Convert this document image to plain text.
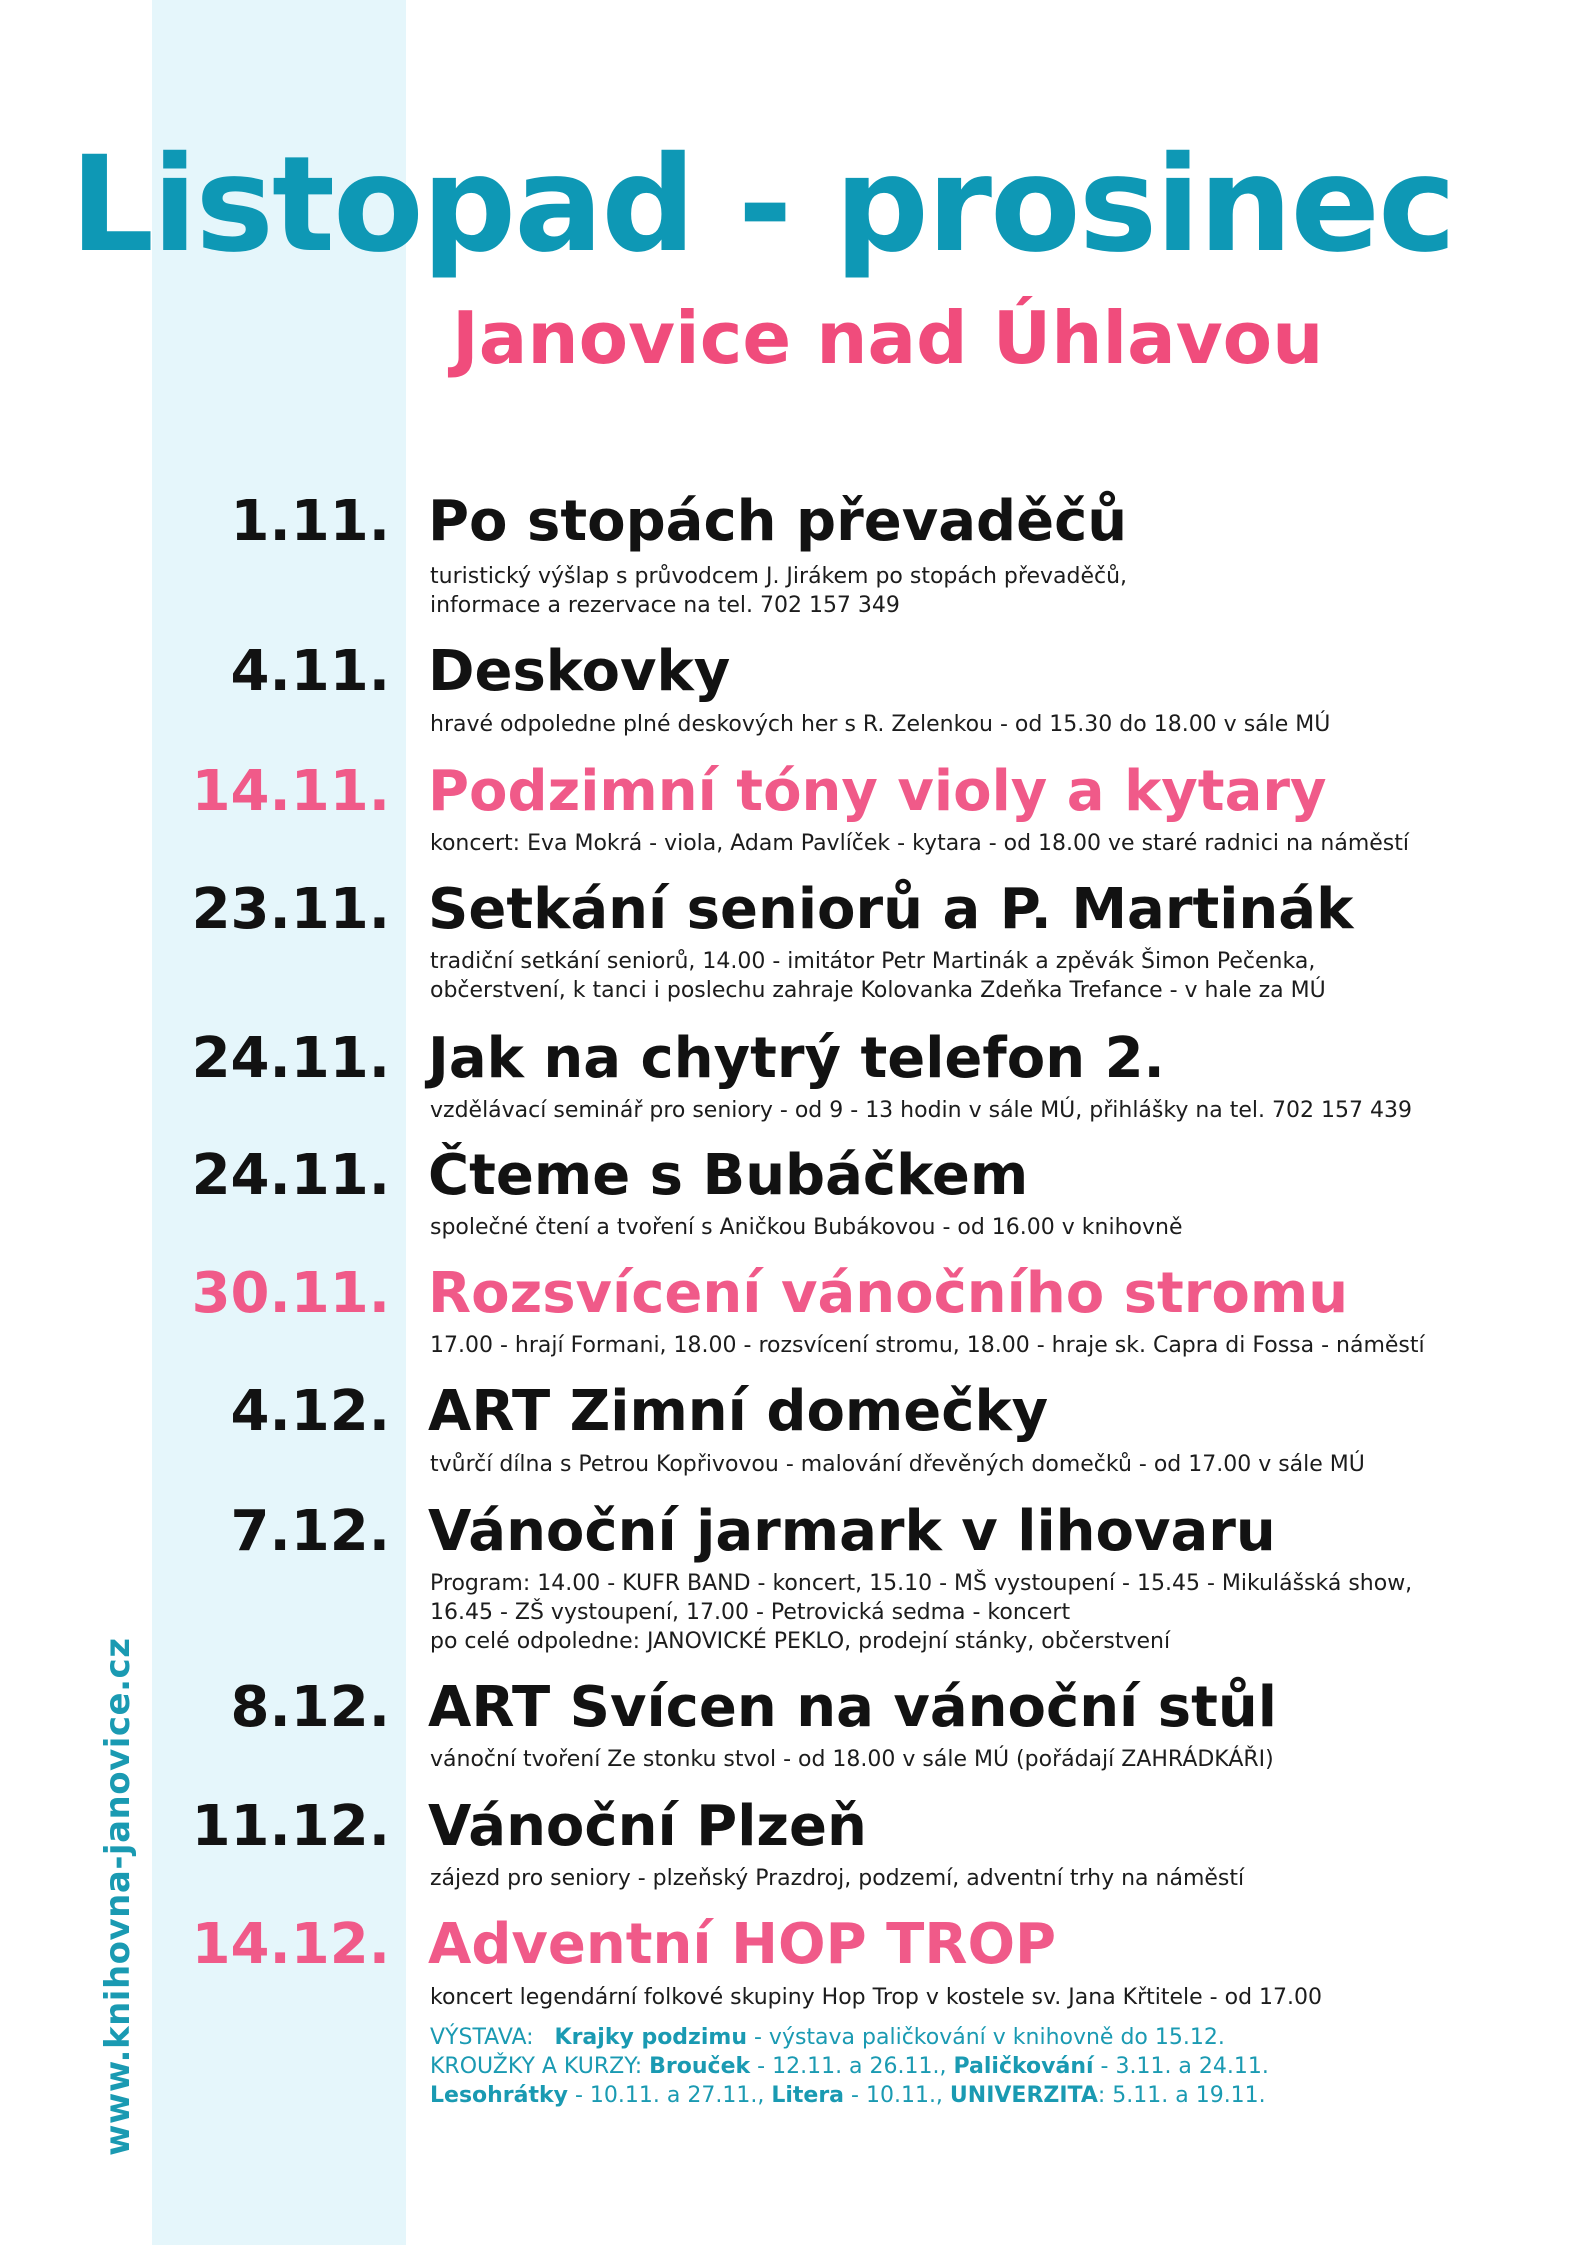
www.knihovna-janovice.cz
Listopad - prosinec
Janovice nad Úhlavou
1.11. Po stopách převaděčů
turistický výšlap s průvodcem J. Jirákem po stopách převaděčů,
informace a rezervace na tel. 702 157 349
4.11. Deskovky
hravé odpoledne plné deskových her s R. Zelenkou - od 15.30 do 18.00 v sále MÚ
14.11. Podzimní tóny violy a kytary
koncert: Eva Mokrá - viola, Adam Pavlíček - kytara - od 18.00 ve staré radnici na náměstí
23.11. Setkání seniorů a P. Martinák
tradiční setkání seniorů, 14.00 - imitátor Petr Martinák a zpěvák Šimon Pečenka,
občerstvení, k tanci i poslechu zahraje Kolovanka Zdeňka Trefance - v hale za MÚ
24.11. Jak na chytrý telefon 2.
vzdělávací seminář pro seniory - od 9 - 13 hodin v sále MÚ, přihlášky na tel. 702 157 439
24.11. Čteme s Bubáčkem
společné čtení a tvoření s Aničkou Bubákovou - od 16.00 v knihovně
30.11. Rozsvícení vánočního stromu
17.00 - hrají Formani, 18.00 - rozsvícení stromu, 18.00 - hraje sk. Capra di Fossa - náměstí
4.12. ART Zimní domečky
tvůrčí dílna s Petrou Kopřivovou - malování dřevěných domečků - od 17.00 v sále MÚ
7.12. Vánoční jarmark v lihovaru
Program: 14.00 - KUFR BAND - koncert, 15.10 - MŠ vystoupení - 15.45 - Mikulášská show,
16.45 - ZŠ vystoupení, 17.00 - Petrovická sedma - koncert
po celé odpoledne: JANOVICKÉ PEKLO, prodejní stánky, občerstvení
8.12. ART Svícen na vánoční stůl
vánoční tvoření Ze stonku stvol - od 18.00 v sále MÚ (pořádají ZAHRÁDKÁŘI)
11.12. Vánoční Plzeň
zájezd pro seniory - plzeňský Prazdroj, podzemí, adventní trhy na náměstí
14.12. Adventní HOP TROP
koncert legendární folkové skupiny Hop Trop v kostele sv. Jana Křtitele - od 17.00
VÝSTAVA: Krajky podzimu - výstava paličkování v knihovně do 15.12.
KROUŽKY A KURZY: Brouček - 12.11. a 26.11., Paličkování - 3.11. a 24.11.
Lesohrátky - 10.11. a 27.11., Litera - 10.11., UNIVERZITA: 5.11. a 19.11.
